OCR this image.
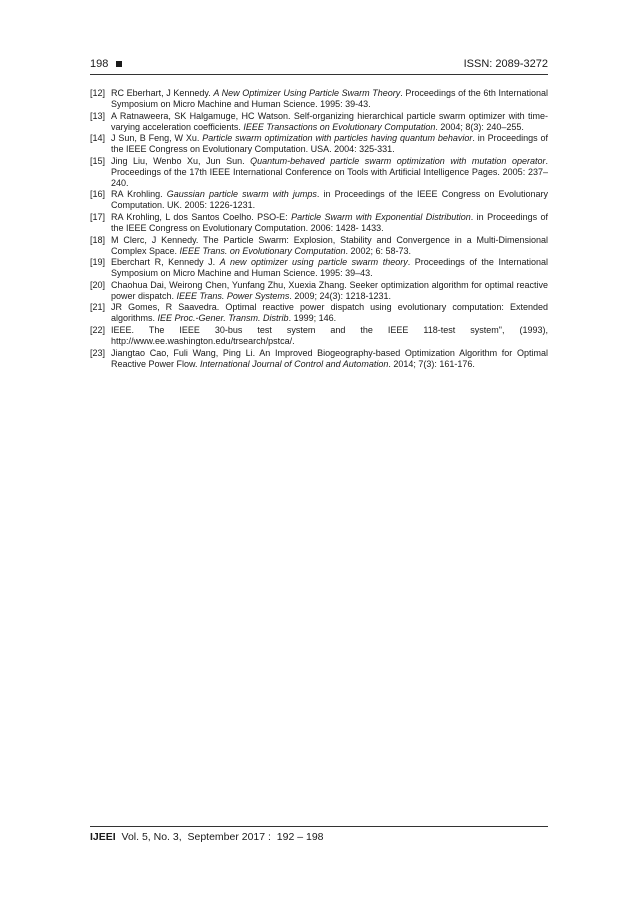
198	ISSN: 2089-3272
[12] RC Eberhart, J Kennedy. A New Optimizer Using Particle Swarm Theory. Proceedings of the 6th International Symposium on Micro Machine and Human Science. 1995: 39-43.
[13] A Ratnaweera, SK Halgamuge, HC Watson. Self-organizing hierarchical particle swarm optimizer with time-varying acceleration coefficients. IEEE Transactions on Evolutionary Computation. 2004; 8(3): 240–255.
[14] J Sun, B Feng, W Xu. Particle swarm optimization with particles having quantum behavior. in Proceedings of the IEEE Congress on Evolutionary Computation. USA. 2004: 325-331.
[15] Jing Liu, Wenbo Xu, Jun Sun. Quantum-behaved particle swarm optimization with mutation operator. Proceedings of the 17th IEEE International Conference on Tools with Artificial Intelligence Pages. 2005: 237–240.
[16] RA Krohling. Gaussian particle swarm with jumps. in Proceedings of the IEEE Congress on Evolutionary Computation. UK. 2005: 1226-1231.
[17] RA Krohling, L dos Santos Coelho. PSO-E: Particle Swarm with Exponential Distribution. in Proceedings of the IEEE Congress on Evolutionary Computation. 2006: 1428- 1433.
[18] M Clerc, J Kennedy. The Particle Swarm: Explosion, Stability and Convergence in a Multi-Dimensional Complex Space. IEEE Trans. on Evolutionary Computation. 2002; 6: 58-73.
[19] Eberchart R, Kennedy J. A new optimizer using particle swarm theory. Proceedings of the International Symposium on Micro Machine and Human Science. 1995: 39–43.
[20] Chaohua Dai, Weirong Chen, Yunfang Zhu, Xuexia Zhang. Seeker optimization algorithm for optimal reactive power dispatch. IEEE Trans. Power Systems. 2009; 24(3): 1218-1231.
[21] JR Gomes, R Saavedra. Optimal reactive power dispatch using evolutionary computation: Extended algorithms. IEE Proc.-Gener. Transm. Distrib. 1999; 146.
[22] IEEE. The IEEE 30-bus test system and the IEEE 118-test system", (1993), http://www.ee.washington.edu/trsearch/pstca/.
[23] Jiangtao Cao, Fuli Wang, Ping Li. An Improved Biogeography-based Optimization Algorithm for Optimal Reactive Power Flow. International Journal of Control and Automation. 2014; 7(3): 161-176.
IJEEI  Vol. 5, No. 3,  September 2017 :  192 – 198
